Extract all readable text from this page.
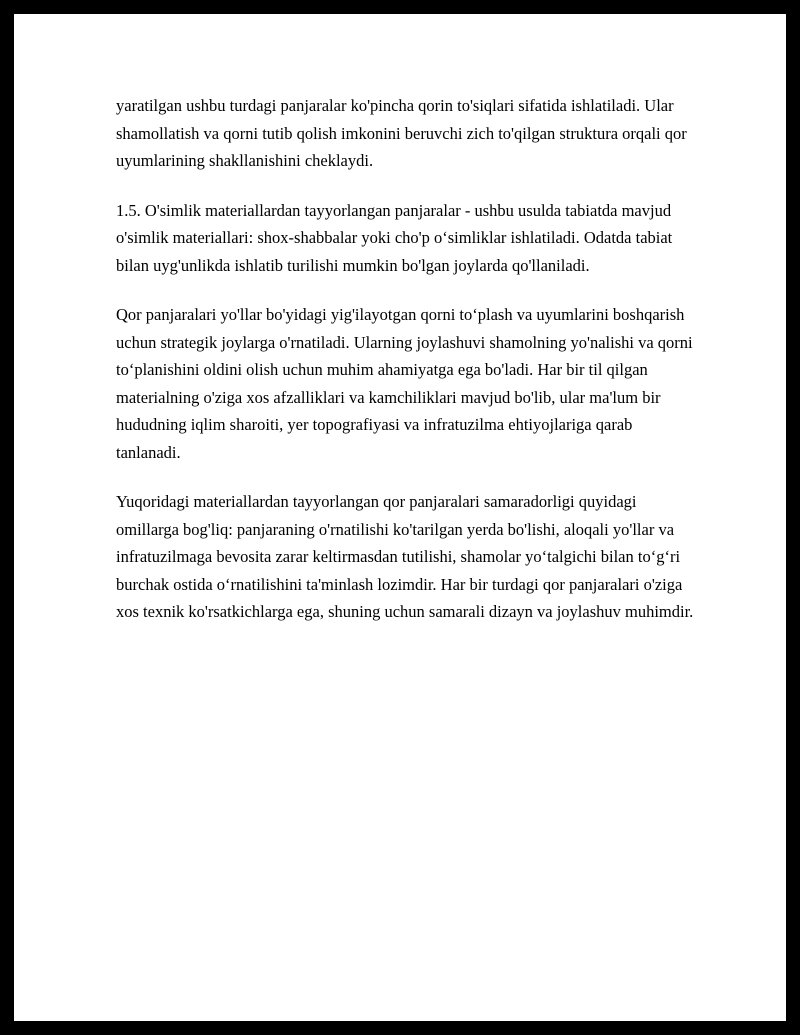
yaratilgan ushbu turdagi panjaralar ko'pincha qorin to'siqlari sifatida ishlatiladi. Ular shamollatish va qorni tutib qolish imkonini beruvchi zich to'qilgan struktura orqali qor uyumlarining shakllanishini cheklaydi.

1.5. O'simlik materiallardan tayyorlangan panjaralar - ushbu usulda tabiatda mavjud o'simlik materiallari: shox-shabbalar yoki cho'p o‘simliklar ishlatiladi. Odatda tabiat bilan uyg'unlikda ishlatib turilishi mumkin bo'lgan joylarda qo'llaniladi.

Qor panjaralari yo'llar bo'yidagi yig'ilayotgan qorni to‘plash va uyumlarini boshqarish uchun strategik joylarga o'rnatiladi. Ularning joylashuvi shamolning yo'nalishi va qorni to‘planishini oldini olish uchun muhim ahamiyatga ega bo'ladi. Har bir til qilgan materialning o'ziga xos afzalliklari va kamchiliklari mavjud bo'lib, ular ma'lum bir hududning iqlim sharoiti, yer topografiyasi va infratuzilma ehtiyojlariga qarab tanlanadi.

Yuqoridagi materiallardan tayyorlangan qor panjaralari samaradorligi quyidagi omillarga bog'liq: panjaraning o'rnatilishi ko'tarilgan yerda bo'lishi, aloqali yo'llar va infratuzilmaga bevosita zarar keltirmasdan tutilishi, shamolar yo‘talgichi bilan to‘g‘ri burchak ostida o‘rnatilishini ta'minlash lozimdir. Har bir turdagi qor panjaralari o'ziga xos texnik ko'rsatkichlarga ega, shuning uchun samarali dizayn va joylashuv muhimdir.
